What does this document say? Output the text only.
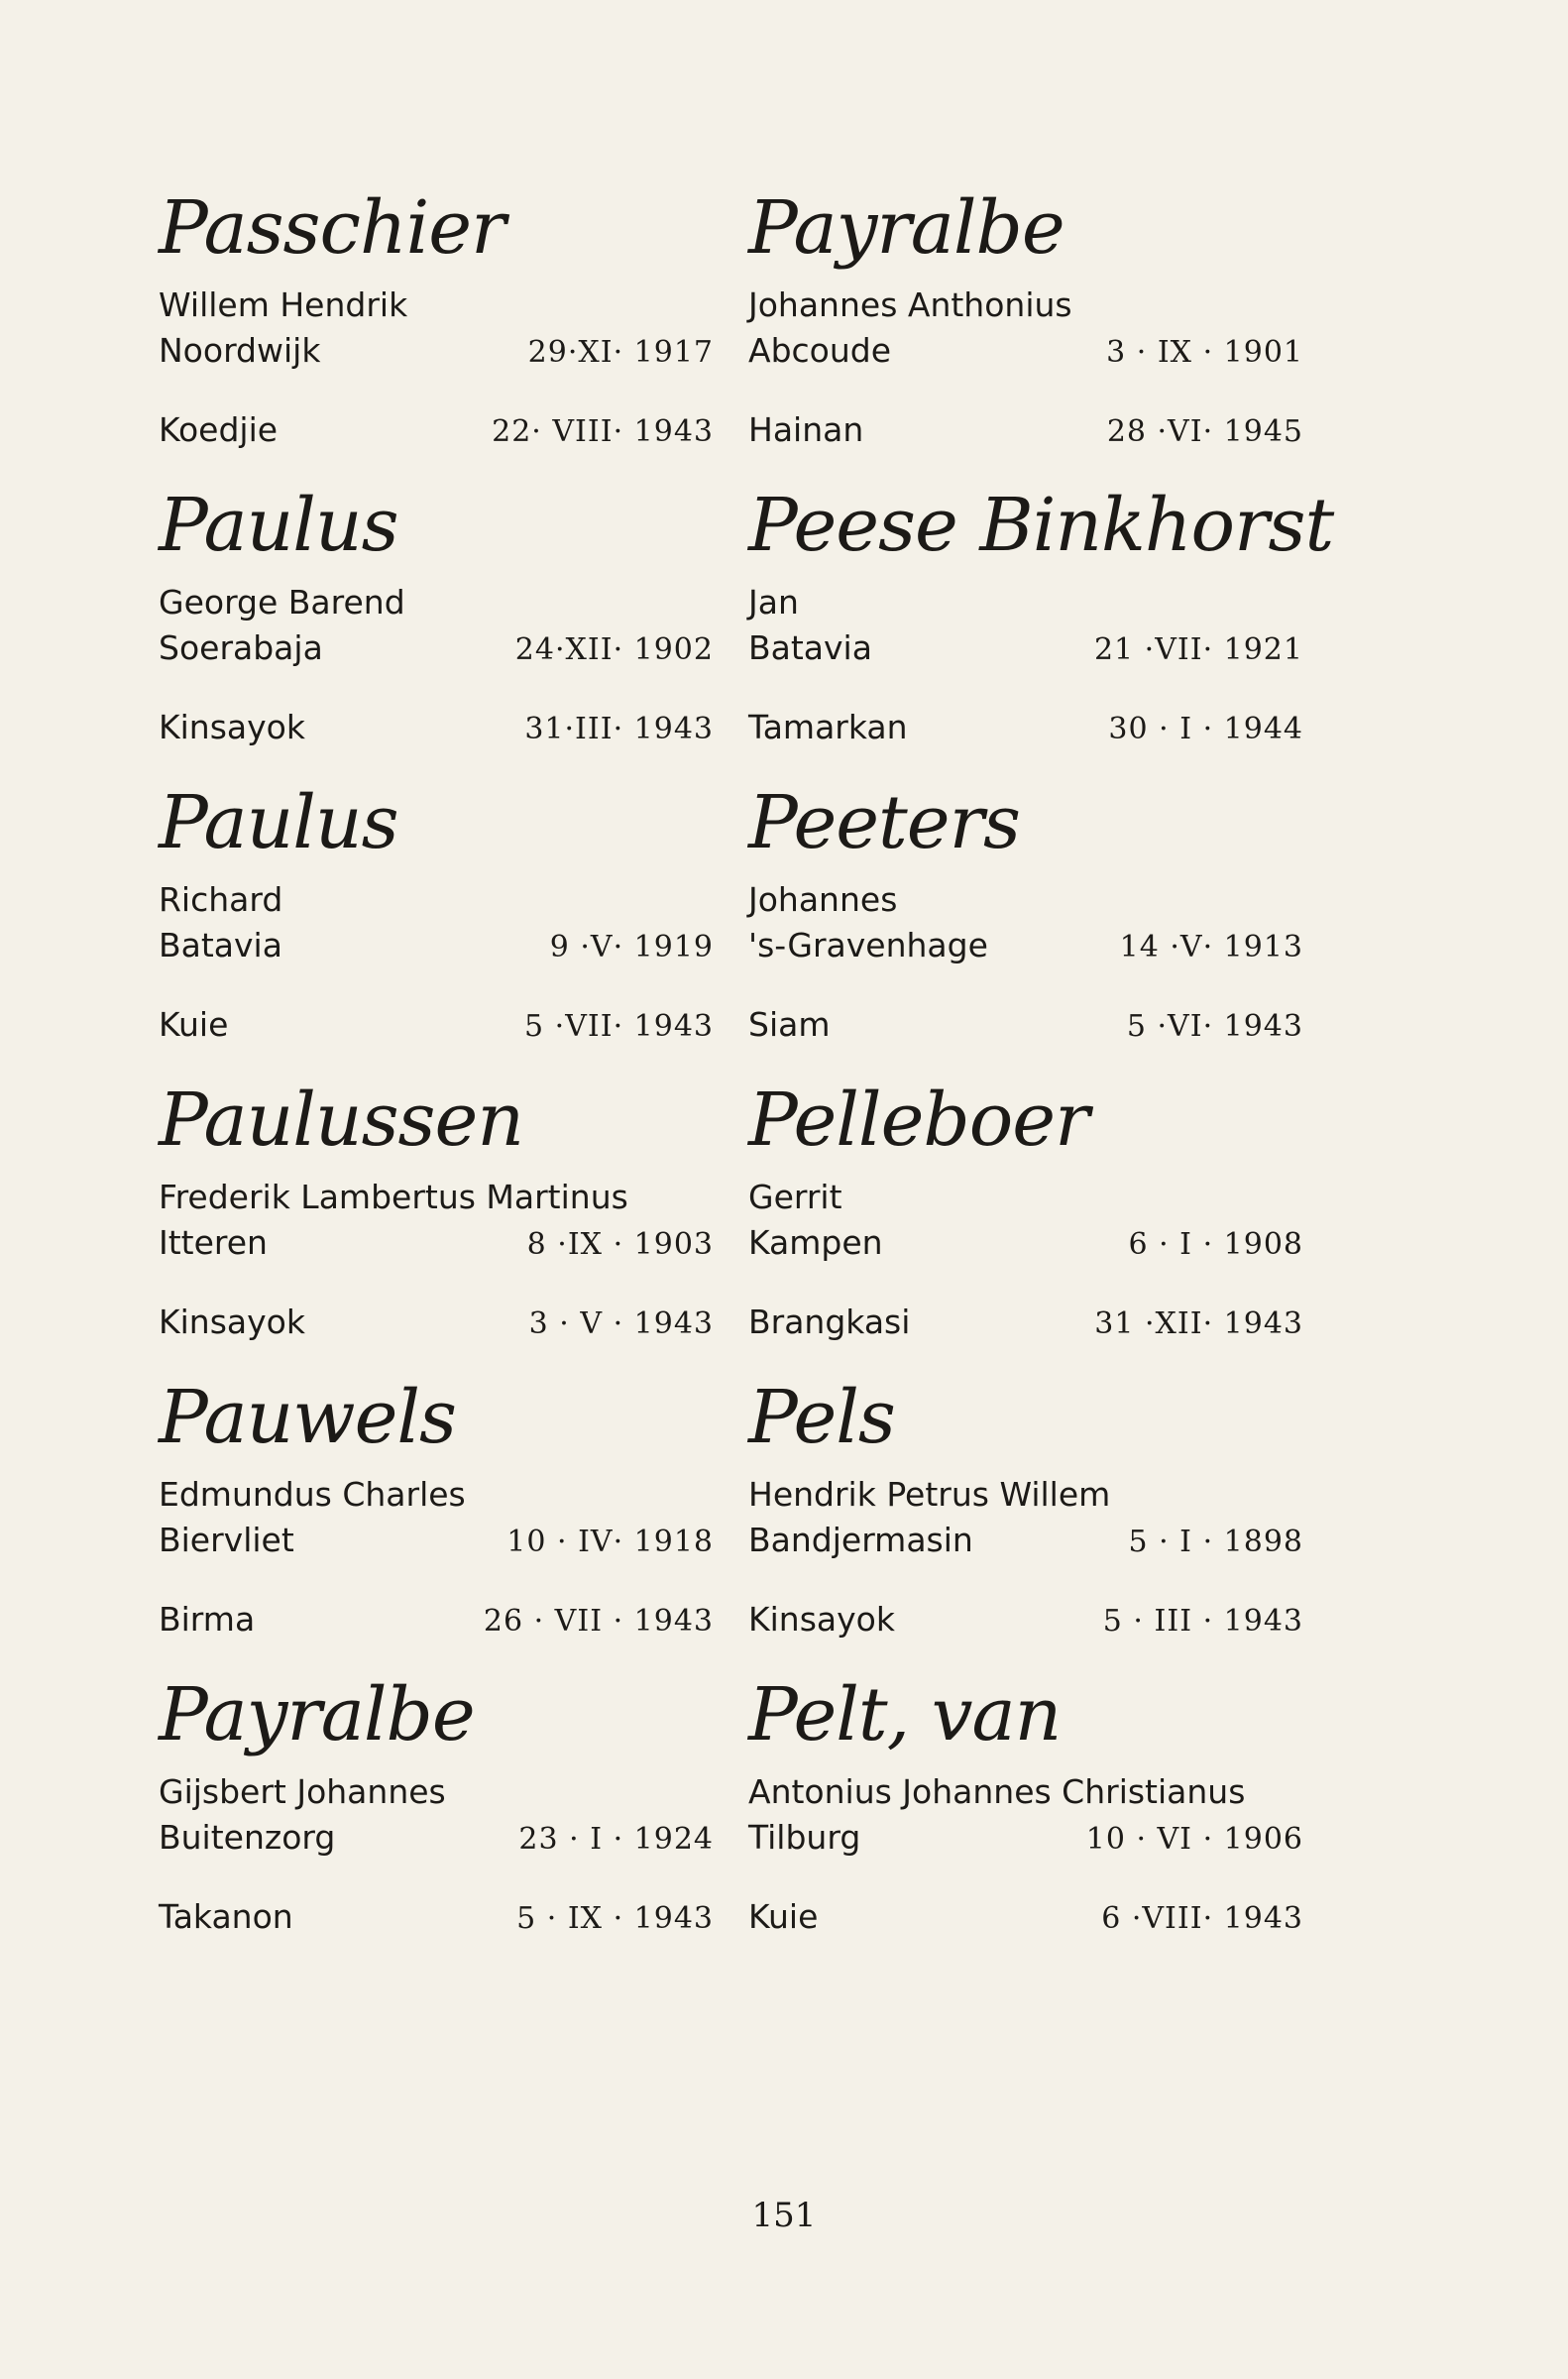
Passchier
Willem Hendrik
Noordwijk	29·XI· 1917
Koedjie	22· VIII· 1943
Paulus
George Barend
Soerabaja	24·XII· 1902
Kinsayok	31·III· 1943
Paulus
Richard
Batavia	9 ·V· 1919
Kuie	5 ·VII· 1943
Paulussen
Frederik Lambertus Martinus
Itteren	8 ·IX · 1903
Kinsayok	3 · V · 1943
Pauwels
Edmundus Charles
Biervliet	10 · IV· 1918
Birma	26 · VII · 1943
Payralbe
Gijsbert Johannes
Buitenzorg	23 · I · 1924
Takanon	5 · IX · 1943
Payralbe
Johannes Anthonius
Abcoude	3 · IX · 1901
Hainan	28 ·VI· 1945
Peese Binkhorst
Jan
Batavia	21 ·VII· 1921
Tamarkan	30 · I · 1944
Peeters
Johannes
's-Gravenhage	14 ·V· 1913
Siam	5 ·VI· 1943
Pelleboer
Gerrit
Kampen	6 · I · 1908
Brangkasi	31 ·XII· 1943
Pels
Hendrik Petrus Willem
Bandjermasin	5 · I · 1898
Kinsayok	5 · III · 1943
Pelt, van
Antonius Johannes Christianus
Tilburg	10 · VI · 1906
Kuie	6 ·VIII· 1943
151
